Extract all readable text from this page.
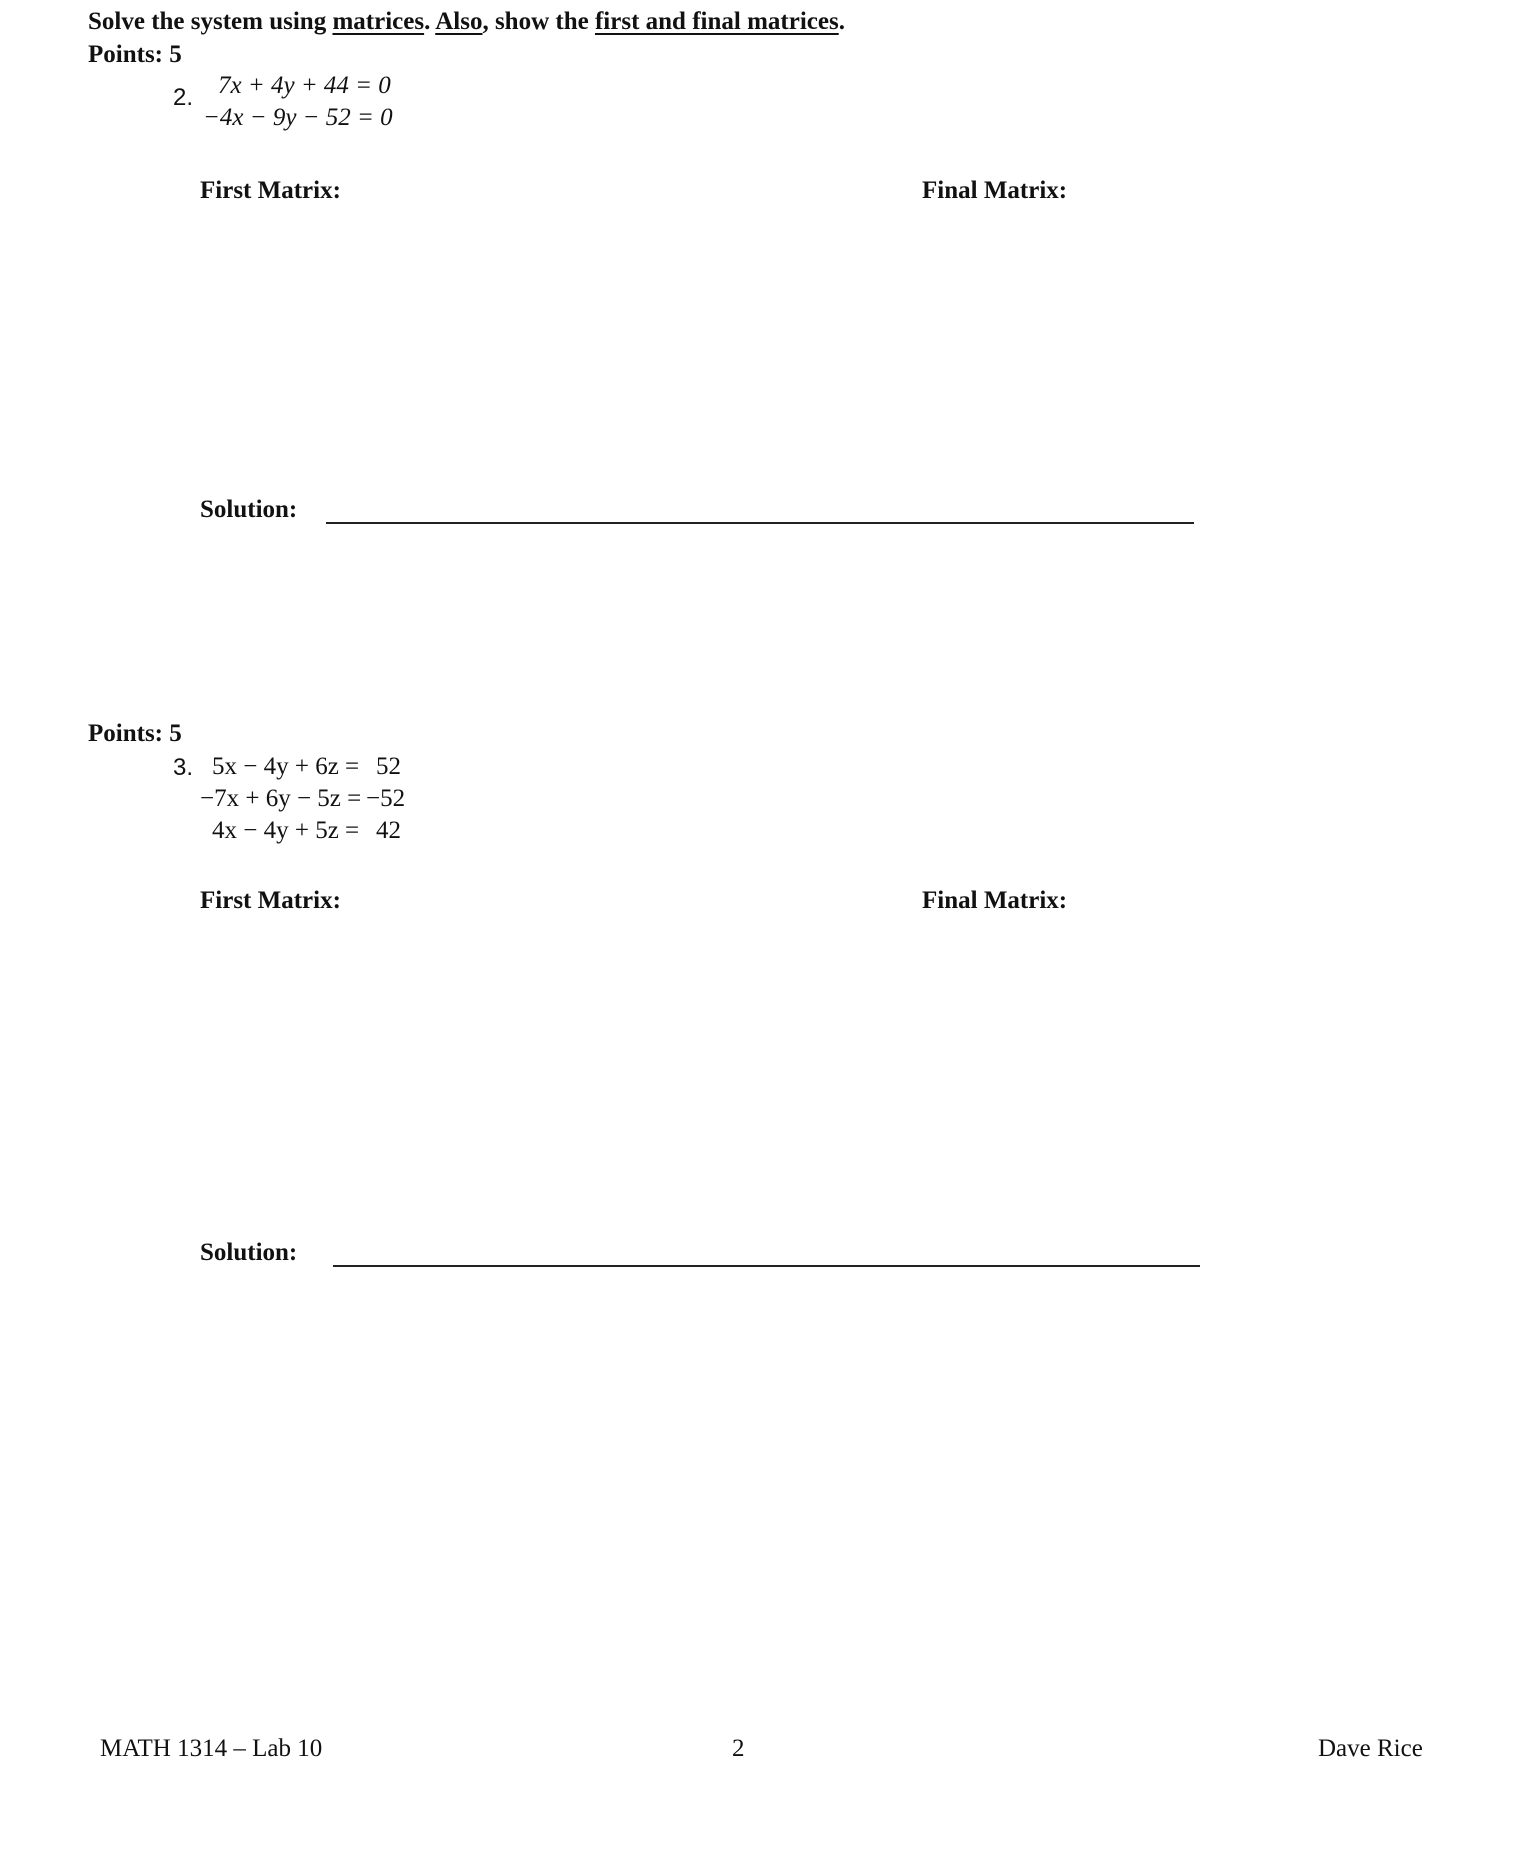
Solve the system using matrices. Also, show the first and final matrices.
Points: 5
2. 7x + 4y + 44 = 0
−4x − 9y − 52 = 0
First Matrix:	Final Matrix:
Solution:
Points: 5
3. 5x − 4y + 6z = 52
−7x + 6y − 5z = −52
4x − 4y + 5z = 42
First Matrix:	Final Matrix:
Solution:
MATH 1314 – Lab 10	2	Dave Rice
